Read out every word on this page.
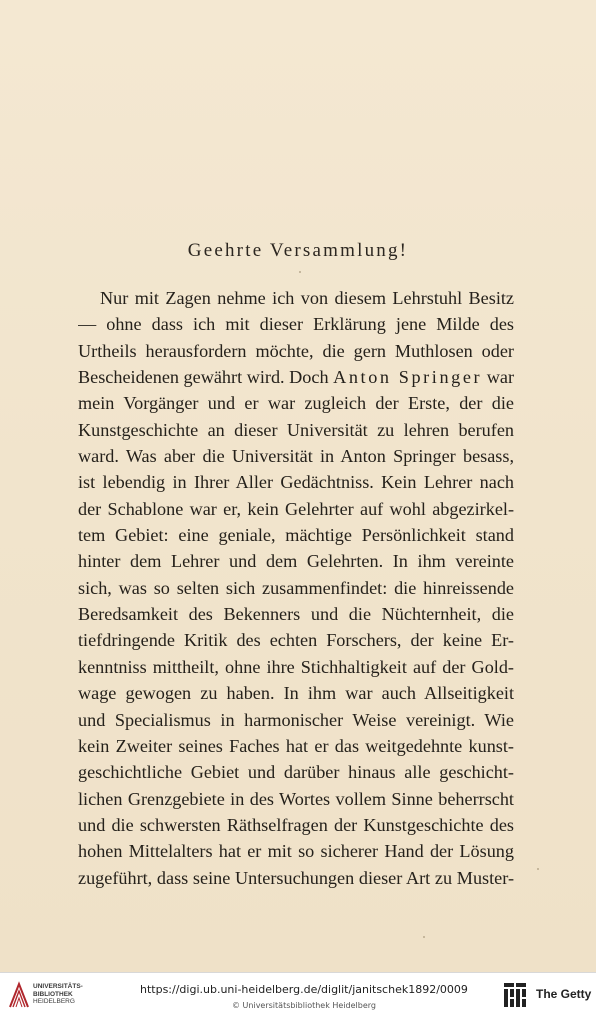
Geehrte Versammlung!
Nur mit Zagen nehme ich von diesem Lehrstuhl Besitz
— ohne dass ich mit dieser Erklärung jene Milde des
Urtheils herausfordern möchte, die gern Muthlosen oder
Bescheidenen gewährt wird. Doch Anton Springer war
mein Vorgänger und er war zugleich der Erste, der die
Kunstgeschichte an dieser Universität zu lehren berufen
ward. Was aber die Universität in Anton Springer besass,
ist lebendig in Ihrer Aller Gedächtniss. Kein Lehrer nach
der Schablone war er, kein Gelehrter auf wohl abgezirkel-
tem Gebiet: eine geniale, mächtige Persönlichkeit stand
hinter dem Lehrer und dem Gelehrten. In ihm vereinte
sich, was so selten sich zusammenfindet: die hinreissende
Beredsamkeit des Bekenners und die Nüchternheit, die
tiefdringende Kritik des echten Forschers, der keine Er-
kenntniss mittheilt, ohne ihre Stichhaltigkeit auf der Gold-
wage gewogen zu haben. In ihm war auch Allseitigkeit
und Specialismus in harmonischer Weise vereinigt. Wie
kein Zweiter seines Faches hat er das weitgedehnte kunst-
geschichtliche Gebiet und darüber hinaus alle geschicht-
lichen Grenzgebiete in des Wortes vollem Sinne beherrscht
und die schwersten Räthselfragen der Kunstgeschichte des
hohen Mittelalters hat er mit so sicherer Hand der Lösung
zugeführt, dass seine Untersuchungen dieser Art zu Muster-
UNIVERSITÄTS-
BIBLIOTHEK
HEIDELBERG
https://digi.ub.uni-heidelberg.de/diglit/janitschek1892/0009
© Universitätsbibliothek Heidelberg
The Getty
